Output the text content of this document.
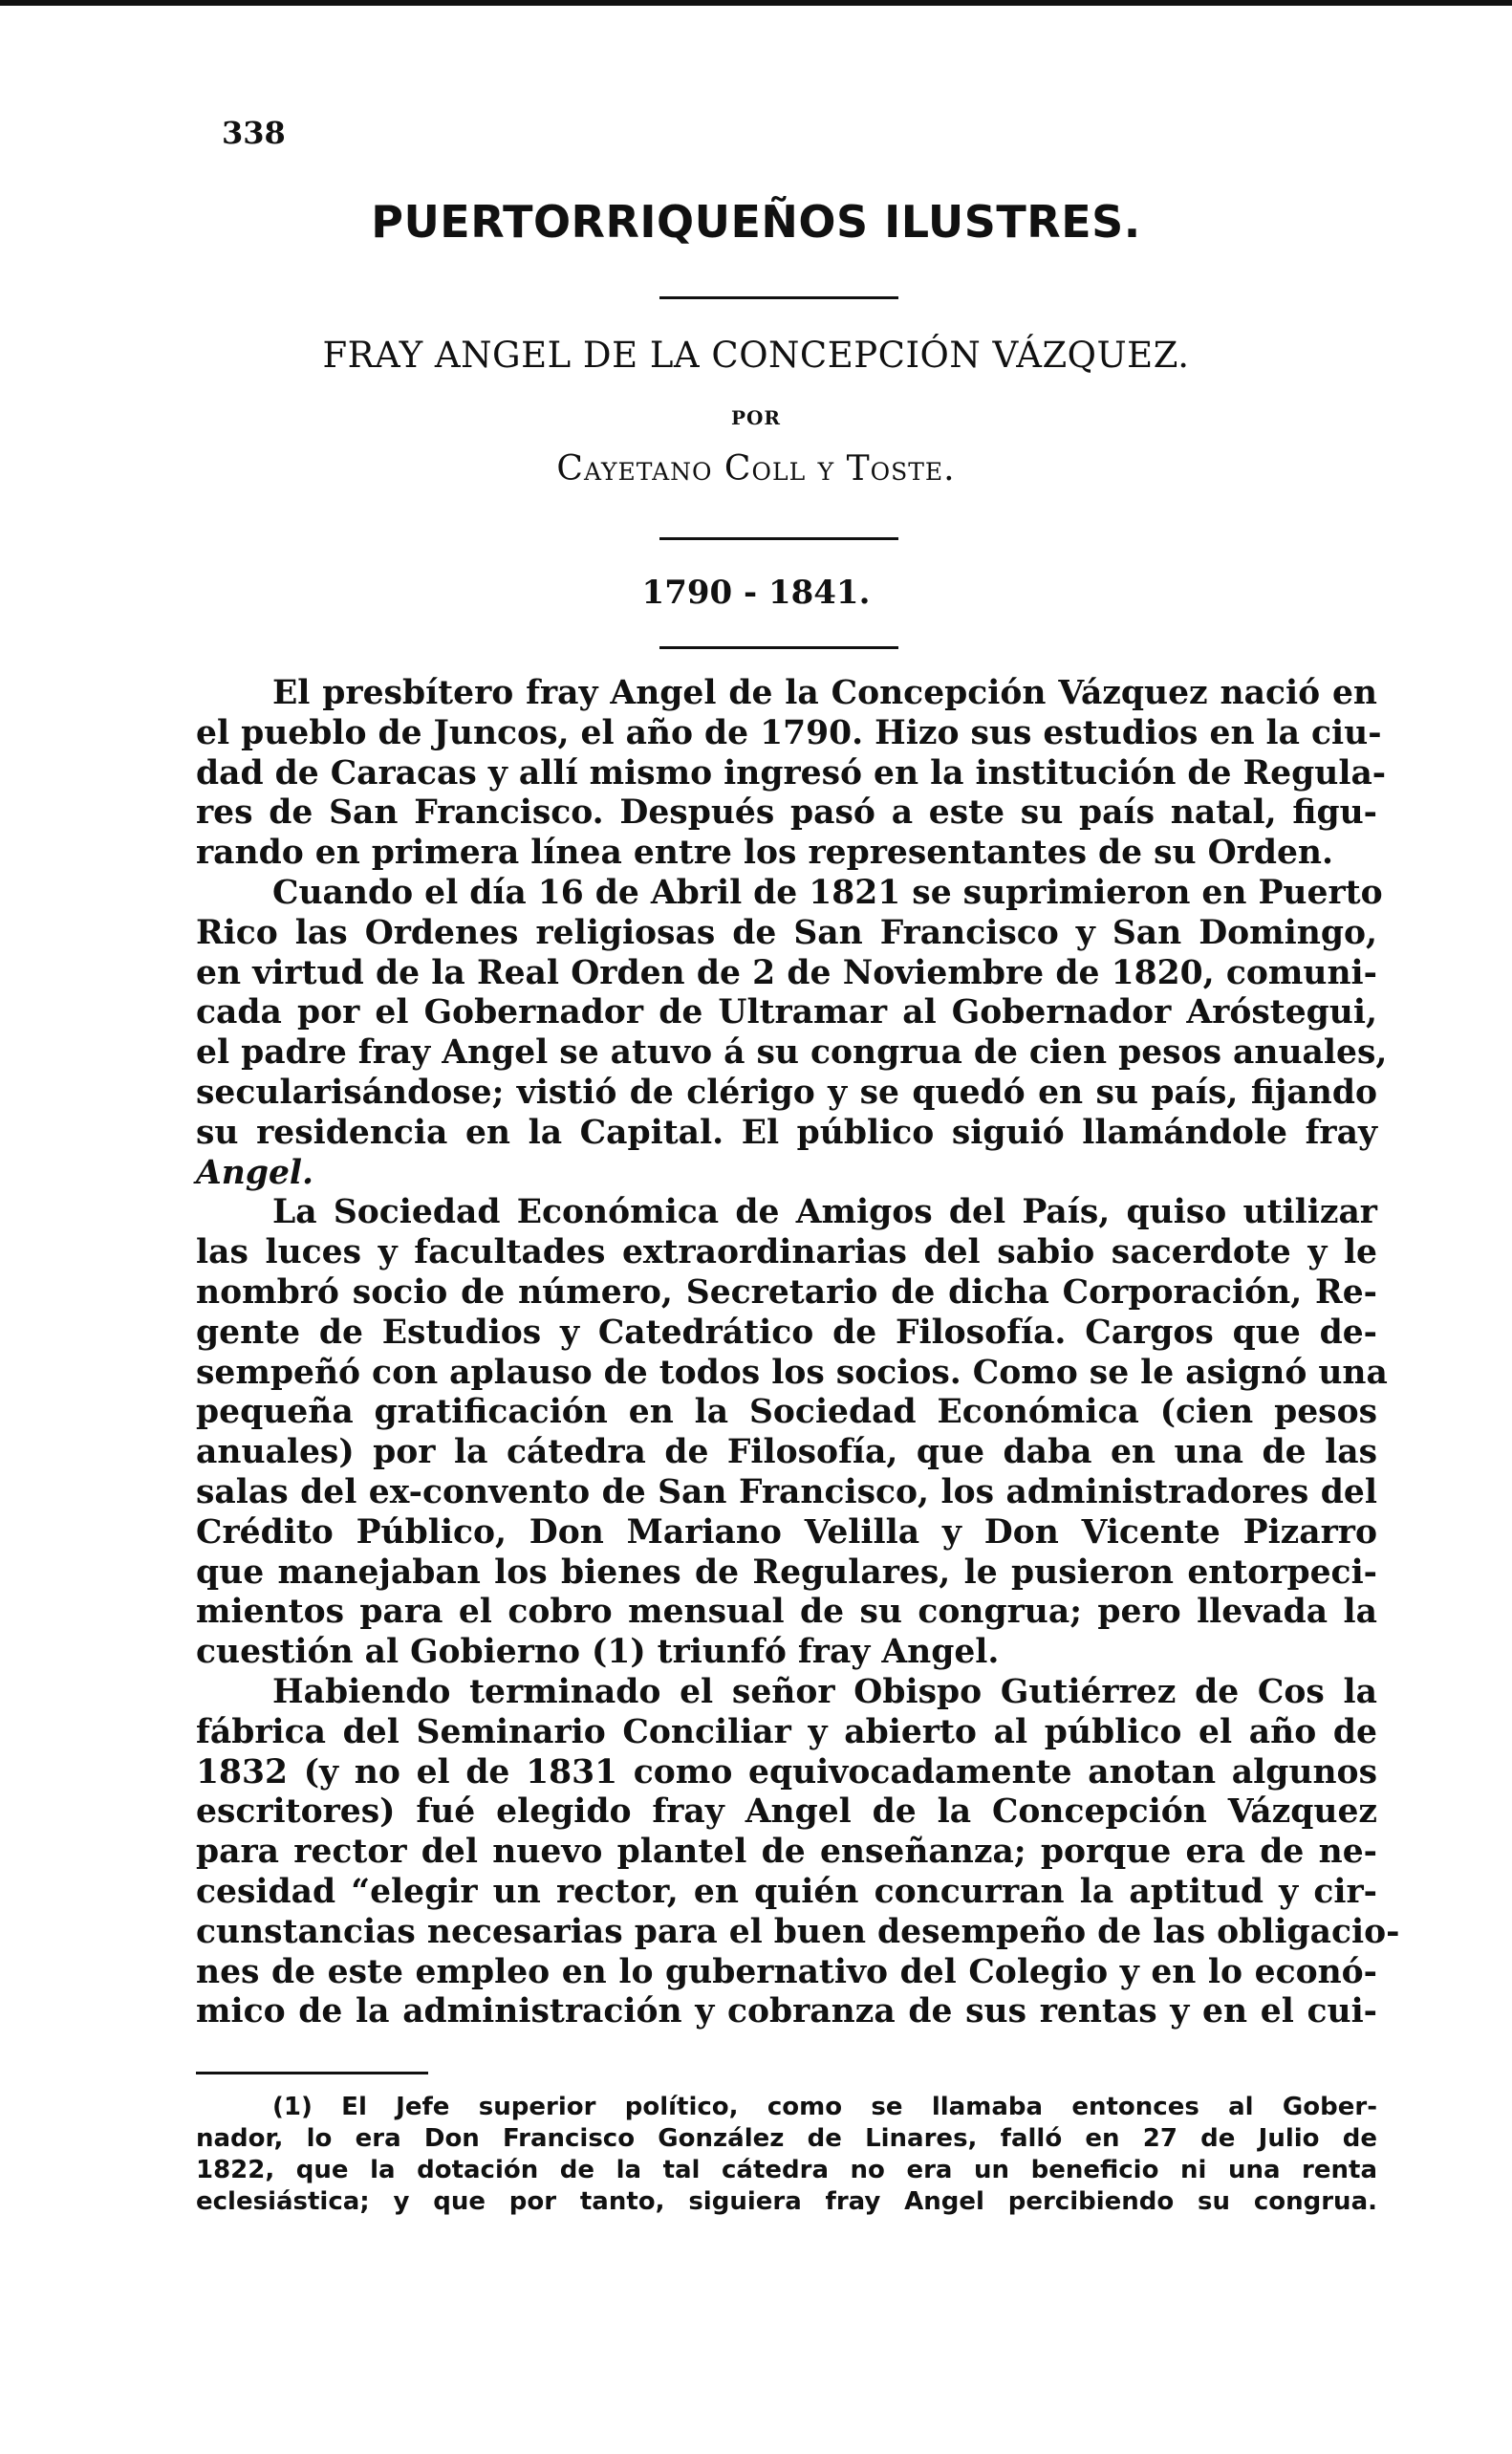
338
PUERTORRIQUEÑOS ILUSTRES.
FRAY ANGEL DE LA CONCEPCIÓN VÁZQUEZ.
POR
Cayetano Coll y Toste.
1790 - 1841.
El presbítero fray Angel de la Concepción Vázquez nació en
el pueblo de Juncos, el año de 1790. Hizo sus estudios en la ciu-
dad de Caracas y allí mismo ingresó en la institución de Regula-
res de San Francisco. Después pasó a este su país natal, figu-
rando en primera línea entre los representantes de su Orden.
Cuando el día 16 de Abril de 1821 se suprimieron en Puerto
Rico las Ordenes religiosas de San Francisco y San Domingo,
en virtud de la Real Orden de 2 de Noviembre de 1820, comuni-
cada por el Gobernador de Ultramar al Gobernador Aróstegui,
el padre fray Angel se atuvo á su congrua de cien pesos anuales,
secularisándose; vistió de clérigo y se quedó en su país, fijando
su residencia en la Capital. El público siguió llamándole fray
Angel.
La Sociedad Económica de Amigos del País, quiso utilizar
las luces y facultades extraordinarias del sabio sacerdote y le
nombró socio de número, Secretario de dicha Corporación, Re-
gente de Estudios y Catedrático de Filosofía. Cargos que de-
sempeñó con aplauso de todos los socios. Como se le asignó una
pequeña gratificación en la Sociedad Económica (cien pesos
anuales) por la cátedra de Filosofía, que daba en una de las
salas del ex-convento de San Francisco, los administradores del
Crédito Público, Don Mariano Velilla y Don Vicente Pizarro
que manejaban los bienes de Regulares, le pusieron entorpeci-
mientos para el cobro mensual de su congrua; pero llevada la
cuestión al Gobierno (1) triunfó fray Angel.
Habiendo terminado el señor Obispo Gutiérrez de Cos la
fábrica del Seminario Conciliar y abierto al público el año de
1832 (y no el de 1831 como equivocadamente anotan algunos
escritores) fué elegido fray Angel de la Concepción Vázquez
para rector del nuevo plantel de enseñanza; porque era de ne-
cesidad “elegir un rector, en quién concurran la aptitud y cir-
cunstancias necesarias para el buen desempeño de las obligacio-
nes de este empleo en lo gubernativo del Colegio y en lo econó-
mico de la administración y cobranza de sus rentas y en el cui-
(1) El Jefe superior político, como se llamaba entonces al Gober-
nador, lo era Don Francisco González de Linares, falló en 27 de Julio de
1822, que la dotación de la tal cátedra no era un beneficio ni una renta
eclesiástica; y que por tanto, siguiera fray Angel percibiendo su congrua.
